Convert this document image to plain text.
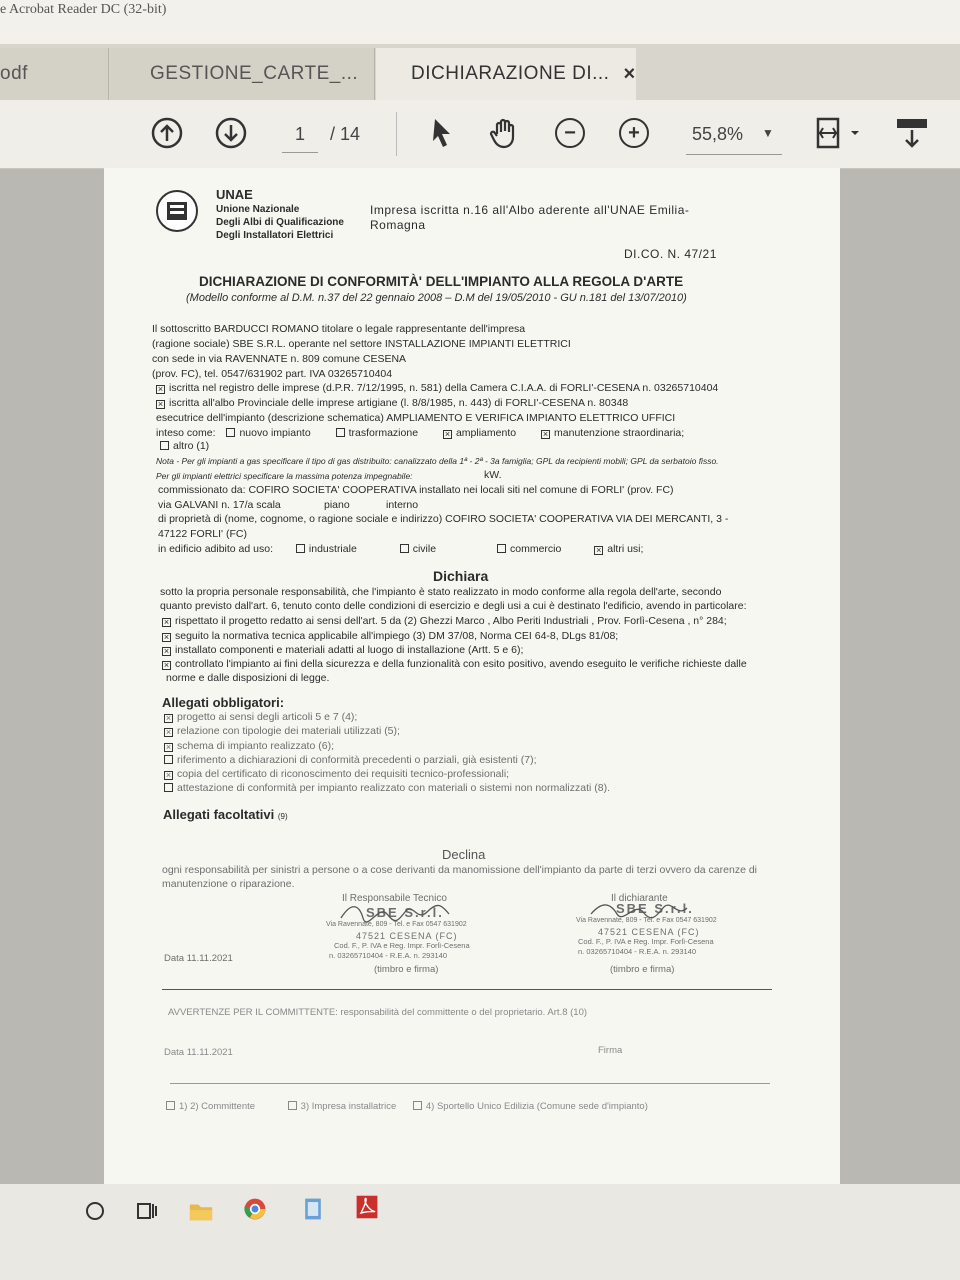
e Acrobat Reader DC (32-bit)
odf	GESTIONE_CARTE_...	DICHIARAZIONE DI... ×
−	+
1	/ 14	55,8% ▼
UNAE
Unione Nazionale
Degli Albi di Qualificazione
Degli Installatori Elettrici
Impresa iscritta n.16 all'Albo aderente all'UNAE Emilia-
Romagna
DI.CO. N. 47/21
DICHIARAZIONE DI CONFORMITÀ' DELL'IMPIANTO ALLA REGOLA D'ARTE
(Modello conforme al D.M. n.37 del 22 gennaio 2008 – D.M del 19/05/2010 - GU n.181 del 13/07/2010)
Il sottoscritto BARDUCCI ROMANO titolare o legale rappresentante dell'impresa
(ragione sociale) SBE S.R.L. operante nel settore INSTALLAZIONE IMPIANTI ELETTRICI
con sede in via RAVENNATE n. 809 comune CESENA
(prov. FC), tel. 0547/631902 part. IVA 03265710404
× iscritta nel registro delle imprese (d.P.R. 7/12/1995, n. 581) della Camera C.I.A.A. di FORLI'-CESENA n. 03265710404
× iscritta all'albo Provinciale delle imprese artigiane (l. 8/8/1985, n. 443) di FORLI'-CESENA n. 80348
esecutrice dell'impianto (descrizione schematica) AMPLIAMENTO E VERIFICA IMPIANTO ELETTRICO UFFICI
inteso come: nuovo impianto	trasformazione	× ampliamento	× manutenzione straordinaria;
altro (1)
Nota - Per gli impianti a gas specificare il tipo di gas distribuito: canalizzato della 1ª - 2ª - 3a famiglia; GPL da recipienti mobili; GPL da serbatoio fisso.
Per gli impianti elettrici specificare la massima potenza impegnabile:	kW.
commissionato da: COFIRO SOCIETA' COOPERATIVA installato nei locali siti nel comune di FORLI' (prov. FC)
via GALVANI n. 17/a scala	piano	interno
di proprietà di (nome, cognome, o ragione sociale e indirizzo) COFIRO SOCIETA' COOPERATIVA VIA DEI MERCANTI, 3 -
47122 FORLI' (FC)
in edificio adibito ad uso:	industriale	civile	commercio	× altri usi;
Dichiara
sotto la propria personale responsabilità, che l'impianto è stato realizzato in modo conforme alla regola dell'arte, secondo
quanto previsto dall'art. 6, tenuto conto delle condizioni di esercizio e degli usi a cui è destinato l'edificio, avendo in particolare:
× rispettato il progetto redatto ai sensi dell'art. 5 da (2) Ghezzi Marco , Albo Periti Industriali , Prov. Forlì-Cesena , n° 284;
× seguito la normativa tecnica applicabile all'impiego (3) DM 37/08, Norma CEI 64-8, DLgs 81/08;
× installato componenti e materiali adatti al luogo di installazione (Artt. 5 e 6);
× controllato l'impianto ai fini della sicurezza e della funzionalità con esito positivo, avendo eseguito le verifiche richieste dalle
norme e dalle disposizioni di legge.
Allegati obbligatori:
× progetto ai sensi degli articoli 5 e 7 (4);
× relazione con tipologie dei materiali utilizzati (5);
× schema di impianto realizzato (6);
riferimento a dichiarazioni di conformità precedenti o parziali, già esistenti (7);
× copia del certificato di riconoscimento dei requisiti tecnico-professionali;
attestazione di conformità per impianto realizzato con materiali o sistemi non normalizzati (8).
Allegati facoltativi (9)
Declina
ogni responsabilità per sinistri a persone o a cose derivanti da manomissione dell'impianto da parte di terzi ovvero da carenze di
manutenzione o riparazione.
Il Responsabile Tecnico	Il dichiarante
SBE S.r.l.
Via Ravennate, 809 - Tel. e Fax 0547 631902
47521 CESENA (FC)
Cod. F., P. IVA e Reg. Impr. Forlì-Cesena
n. 03265710404 - R.E.A. n. 293140
(timbro e firma)
SBE S.r.l.
Via Ravennate, 809 - Tel. e Fax 0547 631902
47521 CESENA (FC)
Cod. F., P. IVA e Reg. Impr. Forlì-Cesena
n. 03265710404 - R.E.A. n. 293140
(timbro e firma)
Data 11.11.2021
AVVERTENZE PER IL COMMITTENTE: responsabilità del committente o del proprietario. Art.8 (10)
Data 11.11.2021	Firma
1) 2) Committente	3) Impresa installatrice	4) Sportello Unico Edilizia (Comune sede d'impianto)
